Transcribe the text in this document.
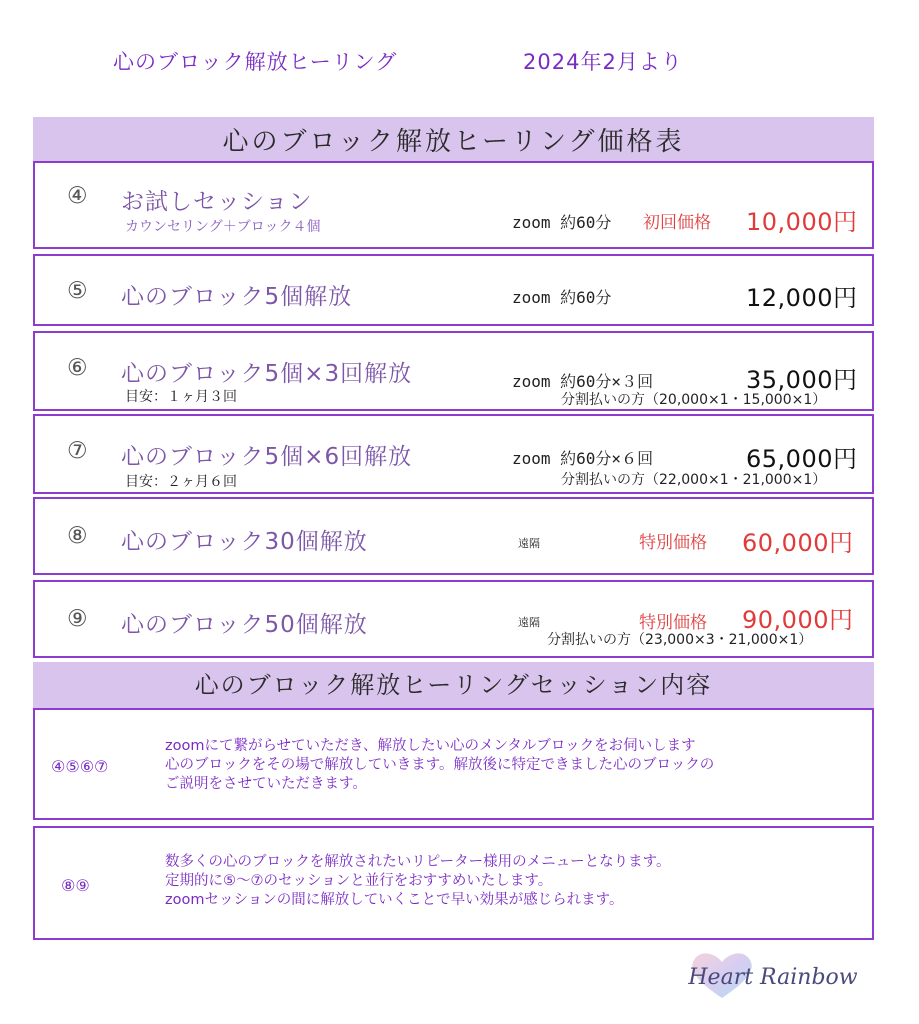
心のブロック解放ヒーリング	2024年2月より
心のブロック解放ヒーリング価格表
④ お試しセッション
カウンセリング＋ブロック４個	zoom 約60分 初回価格 10,000円
⑤ 心のブロック5個解放	zoom 約60分	12,000円
⑥ 心のブロック5個×3回解放
目安：１ヶ月３回
zoom 約60分×３回	35,000円
分割払いの方（20,000×1・15,000×1）
⑦ 心のブロック5個×6回解放
目安：２ヶ月６回
zoom 約60分×６回	65,000円
分割払いの方（22,000×1・21,000×1）
⑧ 心のブロック30個解放	遠隔	特別価格 60,000円
⑨ 心のブロック50個解放	遠隔	特別価格 90,000円
分割払いの方（23,000×3・21,000×1）
心のブロック解放ヒーリングセッション内容
④⑤⑥⑦
zoomにて繋がらせていただき、解放したい心のメンタルブロックをお伺いします
心のブロックをその場で解放していきます。解放後に特定できました心のブロックの
ご説明をさせていただきます。
⑧⑨
数多くの心のブロックを解放されたいリピーター様用のメニューとなります。
定期的に⑤～⑦のセッションと並行をおすすめいたします。
zoomセッションの間に解放していくことで早い効果が感じられます。
Heart Rainbow
